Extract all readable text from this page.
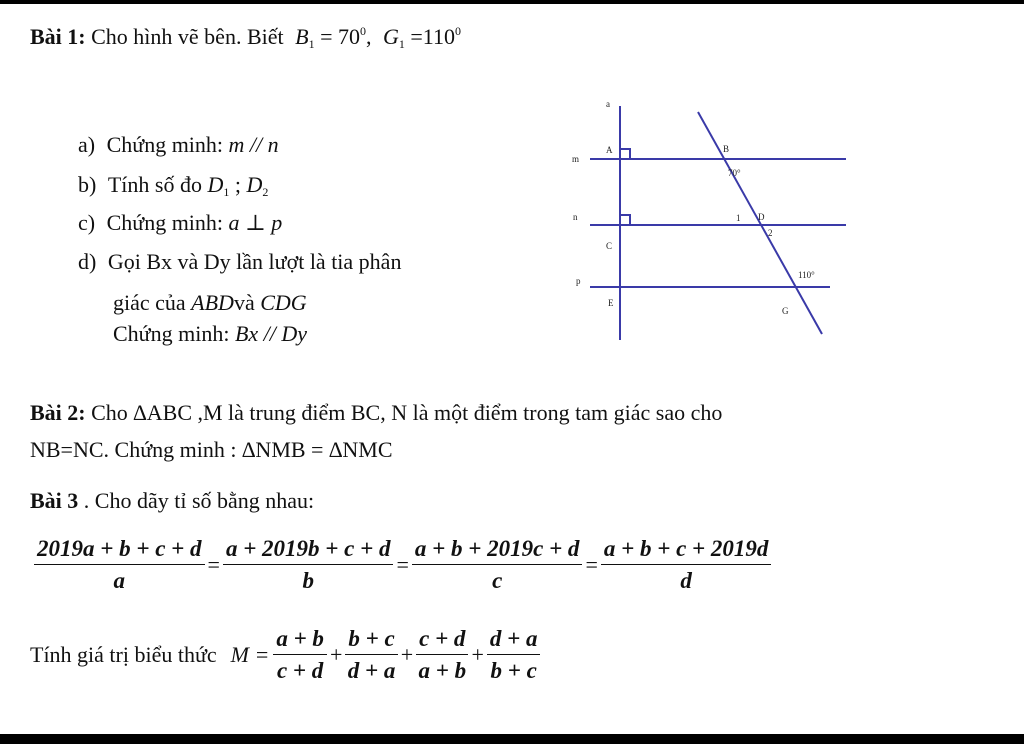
Bài 1: Cho hình vẽ bên. Biết $B_1 = 70^0$, $G_1 =110^0$
a) Chứng minh: m // n
b) Tính số đo $D_1$ ; $D_2$
c) Chứng minh: a ⊥ p
d) Gọi Bx và Dy lần lượt là tia phân
giác của ABDvà CDG
Chứng minh: Bx // Dy
a
m
n
p
A	B
70°
C
1 D
2
110°
E
G
Bài 2: Cho ∆ABC ,M là trung điểm BC, N là một điểm trong tam giác sao cho
NB=NC. Chứng minh : ∆NMB = ∆NMC
Bài 3 . Cho dãy tỉ số bằng nhau:
$\frac{2019a + b + c + d}{a} = \frac{a + 2019b + c + d}{b} = \frac{a + b + 2019c + d}{c} = \frac{a + b + c + 2019d}{d}$
Tính giá trị biểu thức $M = \frac{a + b}{c + d} + \frac{b + c}{d + a} + \frac{c + d}{a + b} + \frac{d + a}{b + c}$
